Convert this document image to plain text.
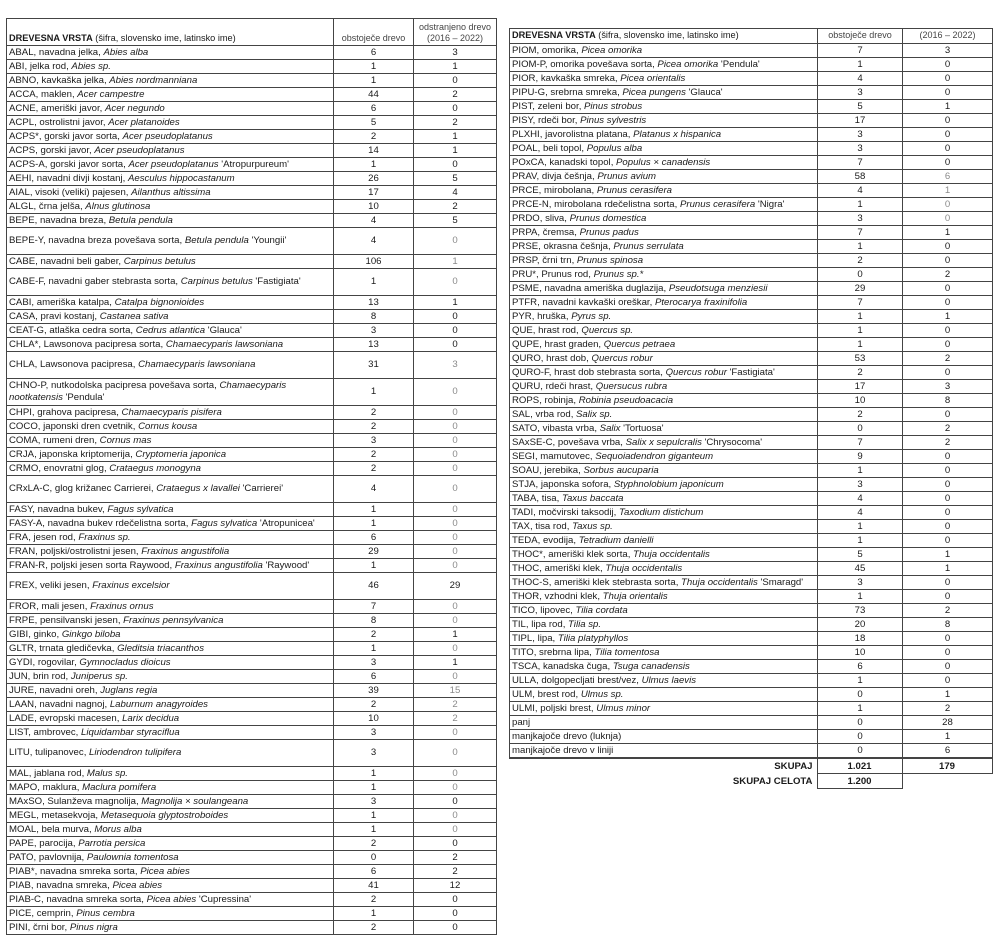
DREVESNA VRSTA (šifra, slovensko ime, latinsko ime)	obstoječe drevo	odstranjeno drevo
(2016 – 2022)
ABAL, navadna jelka, Abies alba	6	3
ABI, jelka rod, Abies sp.	1	1
ABNO, kavkaška jelka, Abies nordmanniana	1	0
ACCA, maklen, Acer campestre	44	2
ACNE, ameriški javor, Acer negundo	6	0
ACPL, ostrolistni javor, Acer platanoides	5	2
ACPS*, gorski javor sorta, Acer pseudoplatanus	2	1
ACPS, gorski javor, Acer pseudoplatanus	14	1
ACPS-A, gorski javor sorta, Acer pseudoplatanus 'Atropurpureum'	1	0
AEHI, navadni divji kostanj, Aesculus hippocastanum	26	5
AIAL, visoki (veliki) pajesen, Ailanthus altissima	17	4
ALGL, črna jelša, Alnus glutinosa	10	2
BEPE, navadna breza, Betula pendula	4	5
BEPE-Y, navadna breza povešava sorta, Betula pendula 'Youngii'	4	0
CABE, navadni beli gaber, Carpinus betulus	106	1
CABE-F, navadni gaber stebrasta sorta, Carpinus betulus 'Fastigiata'	1	0
CABI, ameriška katalpa, Catalpa bignonioides	13	1
CASA, pravi kostanj, Castanea sativa	8	0
CEAT-G, atlaška cedra sorta, Cedrus atlantica 'Glauca'	3	0
CHLA*, Lawsonova pacipresa sorta, Chamaecyparis lawsoniana	13	0
CHLA, Lawsonova pacipresa, Chamaecyparis lawsoniana	31	3
CHNO-P, nutkodolska pacipresa povešava sorta, Chamaecyparis nootkatensis 'Pendula'	1	0
CHPI, grahova pacipresa, Chamaecyparis pisifera	2	0
COCO, japonski dren cvetnik, Cornus kousa	2	0
COMA, rumeni dren, Cornus mas	3	0
CRJA, japonska kriptomerija, Cryptomeria japonica	2	0
CRMO, enovratni glog, Crataegus monogyna	2	0
CRxLA-C, glog križanec Carrierei, Crataegus x lavallei 'Carrierei'	4	0
FASY, navadna bukev, Fagus sylvatica	1	0
FASY-A, navadna bukev rdečelistna sorta, Fagus sylvatica 'Atropunicea'	1	0
FRA, jesen rod, Fraxinus sp.	6	0
FRAN, poljski/ostrolistni jesen, Fraxinus angustifolia	29	0
FRAN-R, poljski jesen sorta Raywood, Fraxinus angustifolia 'Raywood'	1	0
FREX, veliki jesen, Fraxinus excelsior	46	29
FROR, mali jesen, Fraxinus ornus	7	0
FRPE, pensilvanski jesen, Fraxinus pennsylvanica	8	0
GIBI, ginko, Ginkgo biloba	2	1
GLTR, trnata gledičevka, Gleditsia triacanthos	1	0
GYDI, rogovilar, Gymnocladus dioicus	3	1
JUN, brin rod, Juniperus sp.	6	0
JURE, navadni oreh, Juglans regia	39	15
LAAN, navadni nagnoj, Laburnum anagyroides	2	2
LADE, evropski macesen, Larix decidua	10	2
LIST, ambrovec, Liquidambar styraciflua	3	0
LITU, tulipanovec, Liriodendron tulipifera	3	0
MAL, jablana rod, Malus sp.	1	0
MAPO, maklura, Maclura pomifera	1	0
MAxSO, Sulanževa magnolija, Magnolija × soulangeana	3	0
MEGL, metasekvoja, Metasequoia glyptostroboides	1	0
MOAL, bela murva, Morus alba	1	0
PAPE, parocija, Parrotia persica	2	0
PATO, pavlovnija, Paulownia tomentosa	0	2
PIAB*, navadna smreka sorta, Picea abies	6	2
PIAB, navadna smreka, Picea abies	41	12
PIAB-C, navadna smreka sorta, Picea abies 'Cupressina'	2	0
PICE, cemprin, Pinus cembra	1	0
PINI, črni bor, Pinus nigra	2	0
DREVESNA VRSTA (šifra, slovensko ime, latinsko ime)	obstoječe drevo	(2016 – 2022)
PIOM, omorika, Picea omorika	7	3
PIOM-P, omorika povešava sorta, Picea omorika 'Pendula'	1	0
PIOR, kavkaška smreka, Picea orientalis	4	0
PIPU-G, srebrna smreka, Picea pungens 'Glauca'	3	0
PIST, zeleni bor, Pinus strobus	5	1
PISY, rdeči bor, Pinus sylvestris	17	0
PLXHI, javorolistna platana, Platanus x hispanica	3	0
POAL, beli topol, Populus alba	3	0
POxCA, kanadski topol, Populus × canadensis	7	0
PRAV, divja češnja, Prunus avium	58	6
PRCE, mirobolana, Prunus cerasifera	4	1
PRCE-N, mirobolana rdečelistna sorta, Prunus cerasifera 'Nigra'	1	0
PRDO, sliva, Prunus domestica	3	0
PRPA, čremsa, Prunus padus	7	1
PRSE, okrasna češnja, Prunus serrulata	1	0
PRSP, črni trn, Prunus spinosa	2	0
PRU*, Prunus rod, Prunus sp.*	0	2
PSME, navadna ameriška duglazija, Pseudotsuga menziesii	29	0
PTFR, navadni kavkaški oreškar, Pterocarya fraxinifolia	7	0
PYR, hruška, Pyrus sp.	1	1
QUE, hrast rod, Quercus sp.	1	0
QUPE, hrast graden, Quercus petraea	1	0
QURO, hrast dob, Quercus robur	53	2
QURO-F, hrast dob stebrasta sorta, Quercus robur 'Fastigiata'	2	0
QURU, rdeči hrast, Quersucus rubra	17	3
ROPS, robinja, Robinia pseudoacacia	10	8
SAL, vrba rod, Salix sp.	2	0
SATO, vibasta vrba, Salix 'Tortuosa'	0	2
SAxSE-C, povešava vrba, Salix x sepulcralis 'Chrysocoma'	7	2
SEGI, mamutovec, Sequoiadendron giganteum	9	0
SOAU, jerebika, Sorbus aucuparia	1	0
STJA, japonska sofora, Styphnolobium japonicum	3	0
TABA, tisa, Taxus baccata	4	0
TADI, močvirski taksodij, Taxodium distichum	4	0
TAX, tisa rod, Taxus sp.	1	0
TEDA, evodija, Tetradium danielli	1	0
THOC*, ameriški klek sorta, Thuja occidentalis	5	1
THOC, ameriški klek, Thuja occidentalis	45	1
THOC-S, ameriški klek stebrasta sorta, Thuja occidentalis 'Smaragd'	3	0
THOR, vzhodni klek, Thuja orientalis	1	0
TICO, lipovec, Tilia cordata	73	2
TIL, lipa rod, Tilia sp.	20	8
TIPL, lipa, Tilia platyphyllos	18	0
TITO, srebrna lipa, Tilia tomentosa	10	0
TSCA, kanadska čuga, Tsuga canadensis	6	0
ULLA, dolgopecljati brest/vez, Ulmus laevis	1	0
ULM, brest rod, Ulmus sp.	0	1
ULMI, poljski brest, Ulmus minor	1	2
panj	0	28
manjkajoče drevo (luknja)	0	1
manjkajoče drevo v liniji	0	6
SKUPAJ	1.021	179
SKUPAJ CELOTA	1.200	
